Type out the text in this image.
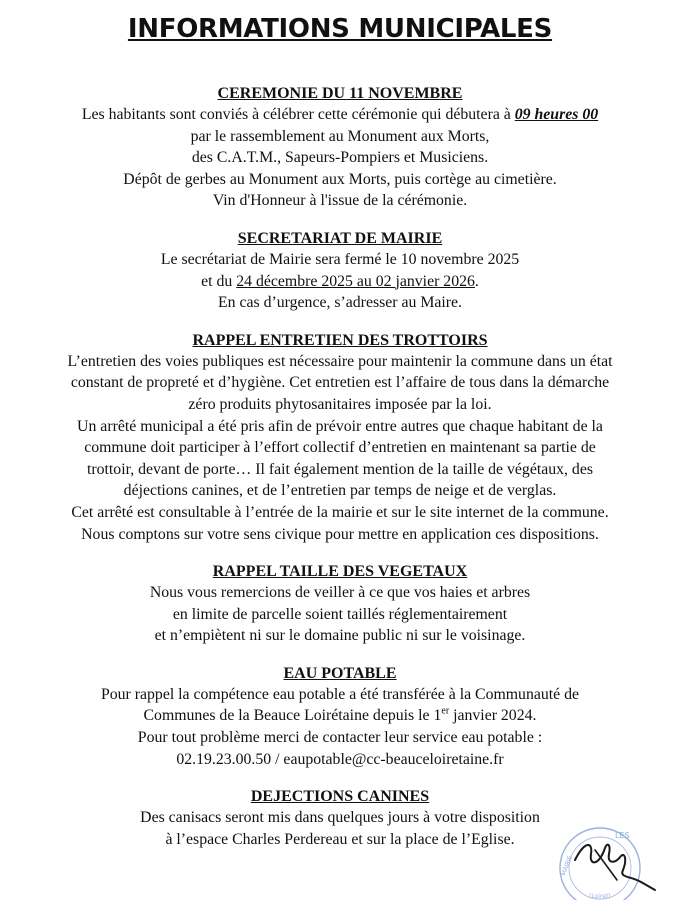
INFORMATIONS MUNICIPALES
CEREMONIE DU 11 NOVEMBRE

Les habitants sont conviés à célébrer cette cérémonie qui débutera à 09 heures 00

par le rassemblement au Monument aux Morts,

des C.A.T.M., Sapeurs-Pompiers et Musiciens.

Dépôt de gerbes au Monument aux Morts, puis cortège au cimetière.

Vin d'Honneur à l'issue de la cérémonie.

SECRETARIAT DE MAIRIE

Le secrétariat de Mairie sera fermé le 10 novembre 2025

et du 24 décembre 2025 au 02 janvier 2026.

En cas d’urgence, s’adresser au Maire.

RAPPEL ENTRETIEN DES TROTTOIRS

L’entretien des voies publiques est nécessaire pour maintenir la commune dans un état

constant de propreté et d’hygiène. Cet entretien est l’affaire de tous dans la démarche

zéro produits phytosanitaires imposée par la loi.

Un arrêté municipal a été pris afin de prévoir entre autres que chaque habitant de la

commune doit participer à l’effort collectif d’entretien en maintenant sa partie de

trottoir, devant de porte… Il fait également mention de la taille de végétaux, des

déjections canines, et de l’entretien par temps de neige et de verglas.

Cet arrêté est consultable à l’entrée de la mairie et sur le site internet de la commune.

Nous comptons sur votre sens civique pour mettre en application ces dispositions.

RAPPEL TAILLE DES VEGETAUX

Nous vous remercions de veiller à ce que vos haies et arbres

en limite de parcelle soient taillés réglementairement

et n’empiètent ni sur le domaine public ni sur le voisinage.

EAU POTABLE

Pour rappel la compétence eau potable a été transférée à la Communauté de

Communes de la Beauce Loirétaine depuis le 1er janvier 2024.

Pour tout problème merci de contacter leur service eau potable :

02.19.23.00.50 / eaupotable@cc-beauceloiretaine.fr

DEJECTIONS CANINES

Des canisacs seront mis dans quelques jours à votre disposition

à l’espace Charles Perdereau et sur la place de l’Eglise.	LES
MAIRIE
(Loiret)
